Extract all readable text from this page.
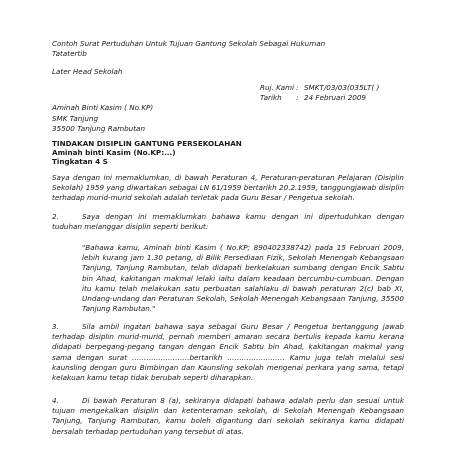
Contoh Surat Pertuduhan Untuk Tujuan Gantung Sekolah Sebagai Hukuman
Tatatertib
Later Head Sekolah
Ruj. Kami : SMKT/03/03(035LT( )
Tarikh : 24 Februari 2009
Aminah Binti Kasim ( No.KP)
SMK Tanjung
35500 Tanjung Rambutan
TINDAKAN DISIPLIN GANTUNG PERSEKOLAHAN
Aminah binti Kasim (No.KP:...)
Tingkatan 4 S

Saya dengan ini memaklumkan, di bawah Peraturan 4, Peraturan-peraturan Pelajaran (Disiplin Sekolah) 1959 yang diwartakan sebagai LN 61/1959 bertarikh 20.2.1959, tanggungjawab disiplin terhadap murid-murid sekolah adalah terletak pada Guru Besar / Pengetua sekolah.

2.	Saya dengan ini memaklumkan bahawa kamu dengan ini dipertuduhkan dengan tuduhan melanggar disiplin seperti berikut:

"Bahawa kamu, Aminah binti Kasim ( No.KP; 890402338742) pada 15 Februari 2009, lebih kurang jam 1.30 petang, di Bilik Persediaan Fizik, Sekolah Menengah Kebangsaan Tanjung, Tanjung Rambutan, telah didapati berkelakuan sumbang dengan Encik Sabtu bin Ahad, kakitangan makmal lelaki iaitu dalam keadaan bercumbu-cumbuan. Dengan itu kamu telah melakukan satu perbuatan salahlaku di bawah peraturan 2(c) bab XI, Undang-undang dan Peraturan Sekolah, Sekolah Menengah Kebangsaan Tanjung, 35500 Tanjung Rambutan."

3.	Sila ambil ingatan bahawa saya sebagai Guru Besar / Pengetua bertanggung jawab terhadap disiplin murid-murid, pernah memberi amaran secara bertulis kepada kamu kerana didapati berpegang-pegang tangan dengan Encik Sabtu bin Ahad, kakitangan makmal yang sama dengan surat ……………………bertarikh …………………… Kamu juga telah melalui sesi kaunsling dengan guru Bimbingan dan Kaunsling sekolah mengenai perkara yang sama, tetapi kelakuan kamu tetap tidak berubah seperti diharapkan.

4.	Di bawah Peraturan 8 (a), sekiranya didapati bahawa adalah perlu dan sesuai untuk tujuan mengekalkan disiplin dan ketenteraman sekolah, di Sekolah Menengah Kebangsaan Tanjung, Tanjung Rambutan, kamu boleh digantung dari sekolah sekiranya kamu didapati bersalah terhadap pertuduhan yang tersebut di atas.
